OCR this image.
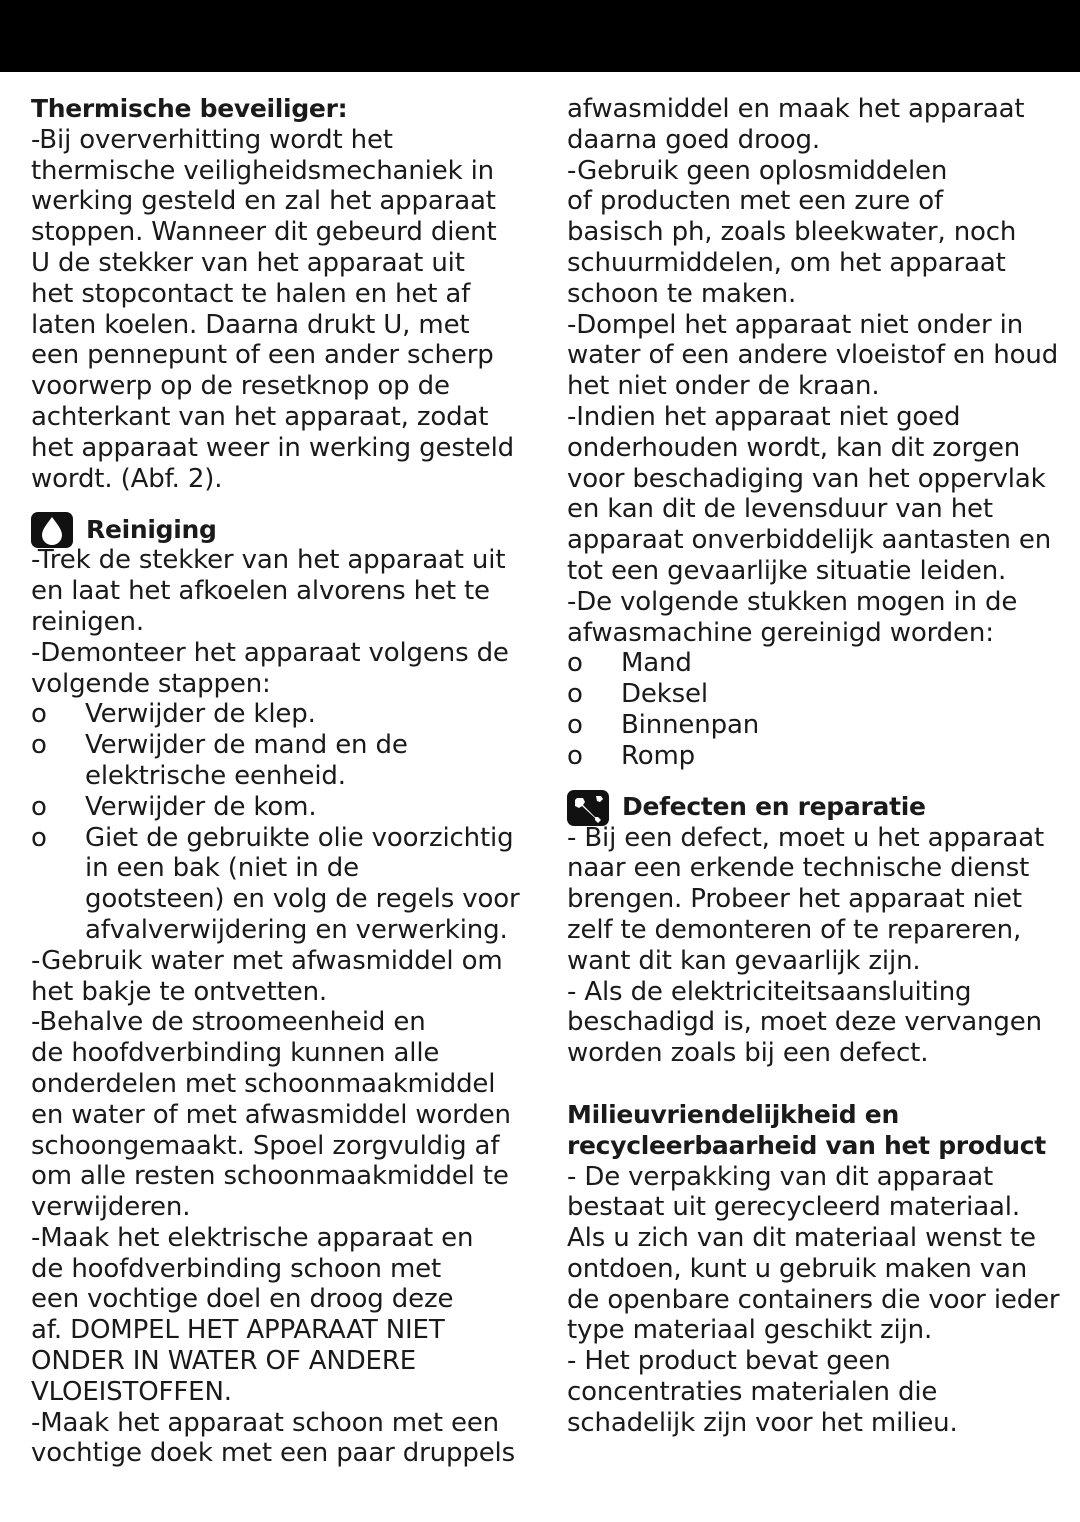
Thermische beveiliger:
-Bij oververhitting wordt het
thermische veiligheidsmechaniek in
werking gesteld en zal het apparaat
stoppen. Wanneer dit gebeurd dient
U de stekker van het apparaat uit
het stopcontact te halen en het af
laten koelen. Daarna drukt U, met
een pennepunt of een ander scherp
voorwerp op de resetknop op de
achterkant van het apparaat, zodat
het apparaat weer in werking gesteld
wordt. (Abf. 2).
Reiniging
-Trek de stekker van het apparaat uit
en laat het afkoelen alvorens het te
reinigen.
-Demonteer het apparaat volgens de
volgende stappen:
o	Verwijder de klep.
o	Verwijder de mand en de
elektrische eenheid.
o	Verwijder de kom.
o	Giet de gebruikte olie voorzichtig
in een bak (niet in de
gootsteen) en volg de regels voor
afvalverwijdering en verwerking.
-Gebruik water met afwasmiddel om
het bakje te ontvetten.
-Behalve de stroomeenheid en
de hoofdverbinding kunnen alle
onderdelen met schoonmaakmiddel
en water of met afwasmiddel worden
schoongemaakt. Spoel zorgvuldig af
om alle resten schoonmaakmiddel te
verwijderen.
-Maak het elektrische apparaat en
de hoofdverbinding schoon met
een vochtige doel en droog deze
af. DOMPEL HET APPARAAT NIET
ONDER IN WATER OF ANDERE
VLOEISTOFFEN.
-Maak het apparaat schoon met een
vochtige doek met een paar druppels
afwasmiddel en maak het apparaat
daarna goed droog.
-Gebruik geen oplosmiddelen
of producten met een zure of
basisch ph, zoals bleekwater, noch
schuurmiddelen, om het apparaat
schoon te maken.
-Dompel het apparaat niet onder in
water of een andere vloeistof en houd
het niet onder de kraan.
-Indien het apparaat niet goed
onderhouden wordt, kan dit zorgen
voor beschadiging van het oppervlak
en kan dit de levensduur van het
apparaat onverbiddelijk aantasten en
tot een gevaarlijke situatie leiden.
-De volgende stukken mogen in de
afwasmachine gereinigd worden:
o	Mand
o	Deksel
o	Binnenpan
o	Romp
Defecten en reparatie
- Bij een defect, moet u het apparaat
naar een erkende technische dienst
brengen. Probeer het apparaat niet
zelf te demonteren of te repareren,
want dit kan gevaarlijk zijn.
- Als de elektriciteitsaansluiting
beschadigd is, moet deze vervangen
worden zoals bij een defect.
Milieuvriendelijkheid en
recycleerbaarheid van het product
- De verpakking van dit apparaat
bestaat uit gerecycleerd materiaal.
Als u zich van dit materiaal wenst te
ontdoen, kunt u gebruik maken van
de openbare containers die voor ieder
type materiaal geschikt zijn.
- Het product bevat geen
concentraties materialen die
schadelijk zijn voor het milieu.
